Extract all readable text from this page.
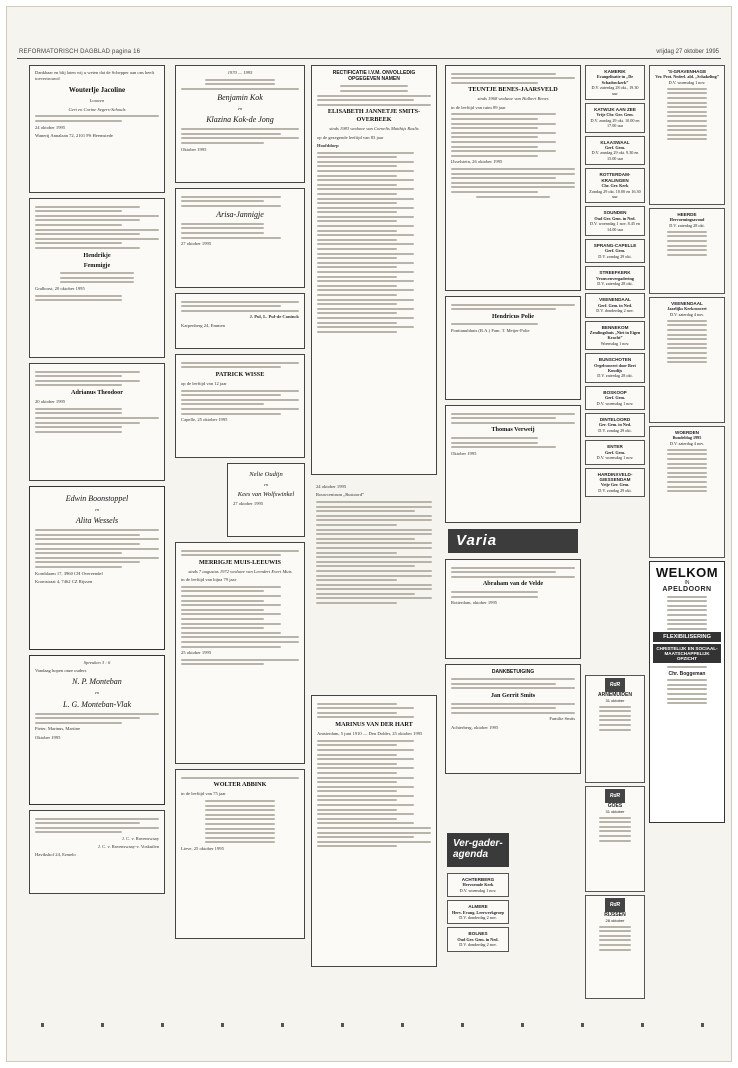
REFORMATORISCH DAGBLAD pagina 16	vrijdag 27 oktober 1995

Dankbaar en blij laten wij u weten dat de Schepper aan ons heeft toevertrouwd

Wouterlje Jacoline
Louwen
Gert en Corine Segers-Schouls

24 oktober 1995

Wanerij Annalaan 72, 2101 PS Heemstede

Hendrikje
Femmigje

Gralhorst, 20 oktober 1995

Adrianus Theodoor

20 oktober 1995

Edwin Boonstoppel
en
Alita Wessels

Kornblaam 17, 3960 CH Overeendel

Kromstraat 4, 7462 CZ Rijssen

Spreuken 3 : 6

Vandaag hopen onze ouders

N. P. Monteban
en
L. G. Monteban-Vlak

Pieter, Marinus, Martine

Oktober 1995

J. C. v. Ravenswaay

J. C. v. Ravenswaay-v. Voskuilen

Havikshof 24, Ermelo

1970 — 1995
Benjamin Kok
en
Klazina Kok-de Jong

Oktober 1995

Arisa-Jannigje

27 oktober 1995

J. Pul, L. Pul-de Coninck

Karpenberg 24, Emmen

PATRICK WISSE

op de leeftijd van 12 jaar

Capelle, 25 oktober 1995

Nelie Oudijn
en
Kees van Wolfswinkel

27 oktober 1995

MERRIGJE MUIS-LEEUWIS
sinds 7 augustus 1972 weduwe van Leendert Evert Muis

in de leeftijd van bijna 79 jaar

25 oktober 1995

WOLTER ABBINK

in de leeftijd van 75 jaar

Lieve, 25 oktober 1995

RECTIFICATIE I.V.M. ONVOLLEDIG OPGEGEVEN NAMEN
ELISABETH JANNETJE SMITS-OVERBEEK
sinds 1983 weduwe van Cornelis Matthijs Raslis

op de gezegende leeftijd van 83 jaar

Hoofddorp

24 oktober 1995

Rouwcentrum „Rustoord”

MARINUS VAN DER HART

Amsterdam, 5 juni 1910 — Den Dolder, 25 oktober 1995

TEUNTJE BENES-JAARSVELD
sinds 1968 weduwe van Hulbert Benes

in de leeftijd van ruim 89 jaar

IJsselstein, 26 oktober 1995

Hendricus Polie

Pontianuhhuis (R.A.) Fam. T. Meijer-Polie

Thomas Verweij

Oktober 1995

Varia
Abraham van de Velde

Rotterdam, oktober 1995

DANKBETUIGING
Jan Gerrit Smits

Familie Smits

Achterberg, oktober 1995

KAMERIK
Evangelisatie in „De Schaduwkerk”
D.V. zaterdag 28 okt., 19.30 uur
KATWIJK AAN ZEE
Vrije Chr. Ger. Gem.
D.V. zondag 29 okt. 10.00 en 17.00 uur
KLAASWAAL
Gerf. Gem.
D.V. zondag 29 okt. 9.30 en 15.00 uur
ROTTERDAM-KRALINGEN
Chr. Ger. Kerk
Zondag 29 okt. 10.00 en 16.30 uur
SOUNDEN
Oud Ger. Gem. in Ned.
D.V. woensdag 1 nov. 8.45 en 14.00 uur
SPRANG-CAPELLE
Gerf. Gem.
D.V. zondag 29 okt.
STREEFKERK
Vrouwenvergadering
D.V. zaterdag 28 okt.
VEENENDAAL
Gerf. Gem. in Ned.
D.V. donderdag 2 nov.
BENNEKOM
Zendingshuis „Niet in Eigen Kracht”
Woensdag 1 nov.
BUNSCHOTEN
Orgelconcert door Bert Koudijs
D.V. zaterdag 28 okt.
BOSKOOP
Gerf. Gem.
D.V. woensdag 1 nov.
DINTELOORD
Ger. Gem. in Ned.
D.V. zondag 29 okt.
ENTER
Gerf. Gem.
D.V. woensdag 1 nov.
HARDINXVELD-GIESSENDAM
Vrije Ger. Gem.
D.V. zondag 29 okt.
Ver-gader-agenda
ACHTERBERG
Hervormde Kerk
D.V. woensdag 1 nov.
ALMERE
Herv. Evang. Leerwerkgroep
D.V. donderdag 2 nov.
BOLNES
Oud Ger. Gem. in Ned.
D.V. donderdag 2 nov.
'S-GRAVENHAGE
Ver. Prot. Nederl. ald. „Schakeling”
D.V. woensdag 1 nov.
HEERDE
Hervormingsavond
D.V. zaterdag 28 okt.
VEENENDAAL
Jaarlijks Kerkconcert
D.V. zaterdag 4 nov.
WOERDEN
Bundeldag 1995
D.V. zaterdag 4 nov.
WELKOM
IN
APELDOORN
FLEXIBILISERING
CHRISTELIJK EN SOCIAAL-MAATSCHAPPELIJK OPZICHT
Chr. Boggeman
RdR
ARNEMUIDEN
31 oktober
RdR
GOES
31 oktober
RdR
RIJSSEN
28 oktober
